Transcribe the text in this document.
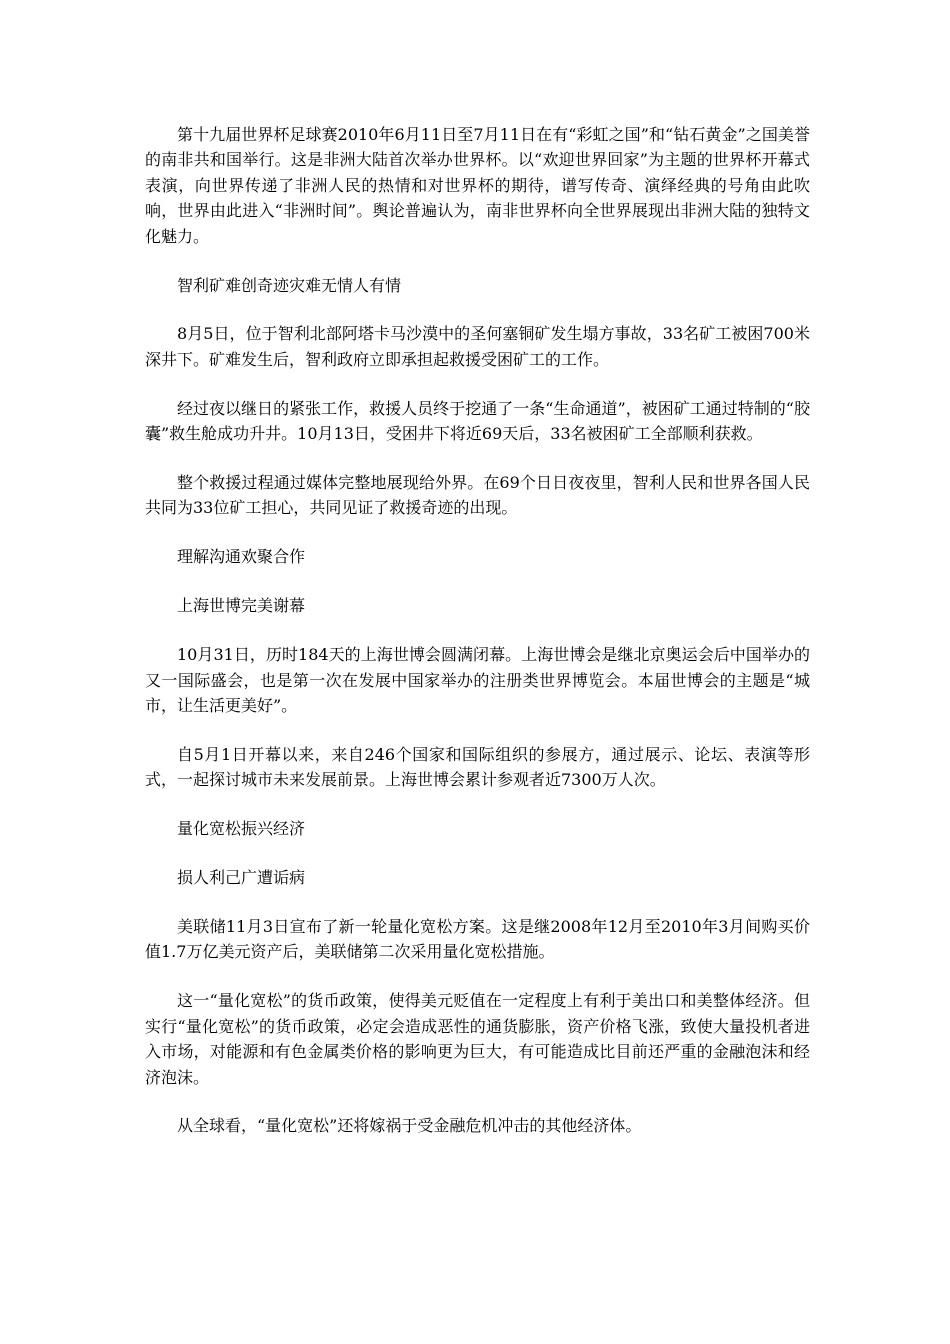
第十九届世界杯足球赛2010年6月11日至7月11日在有“彩虹之国”和“钻石黄金”之国美誉的南非共和国举行。这是非洲大陆首次举办世界杯。以“欢迎世界回家”为主题的世界杯开幕式表演，向世界传递了非洲人民的热情和对世界杯的期待，谱写传奇、演绎经典的号角由此吹响，世界由此进入“非洲时间”。舆论普遍认为，南非世界杯向全世界展现出非洲大陆的独特文化魅力。

智利矿难创奇迹灾难无情人有情

8月5日，位于智利北部阿塔卡马沙漠中的圣何塞铜矿发生塌方事故，33名矿工被困700米深井下。矿难发生后，智利政府立即承担起救援受困矿工的工作。

经过夜以继日的紧张工作，救援人员终于挖通了一条“生命通道”，被困矿工通过特制的“胶囊”救生舱成功升井。10月13日，受困井下将近69天后，33名被困矿工全部顺利获救。

整个救援过程通过媒体完整地展现给外界。在69个日日夜夜里，智利人民和世界各国人民共同为33位矿工担心，共同见证了救援奇迹的出现。

理解沟通欢聚合作

上海世博完美谢幕

10月31日，历时184天的上海世博会圆满闭幕。上海世博会是继北京奥运会后中国举办的又一国际盛会，也是第一次在发展中国家举办的注册类世界博览会。本届世博会的主题是“城市，让生活更美好”。

自5月1日开幕以来，来自246个国家和国际组织的参展方，通过展示、论坛、表演等形式，一起探讨城市未来发展前景。上海世博会累计参观者近7300万人次。

量化宽松振兴经济

损人利己广遭诟病

美联储11月3日宣布了新一轮量化宽松方案。这是继2008年12月至2010年3月间购买价值1.7万亿美元资产后，美联储第二次采用量化宽松措施。

这一“量化宽松”的货币政策，使得美元贬值在一定程度上有利于美出口和美整体经济。但实行“量化宽松”的货币政策，必定会造成恶性的通货膨胀，资产价格飞涨，致使大量投机者进入市场，对能源和有色金属类价格的影响更为巨大，有可能造成比目前还严重的金融泡沫和经济泡沫。

从全球看，“量化宽松”还将嫁祸于受金融危机冲击的其他经济体。
